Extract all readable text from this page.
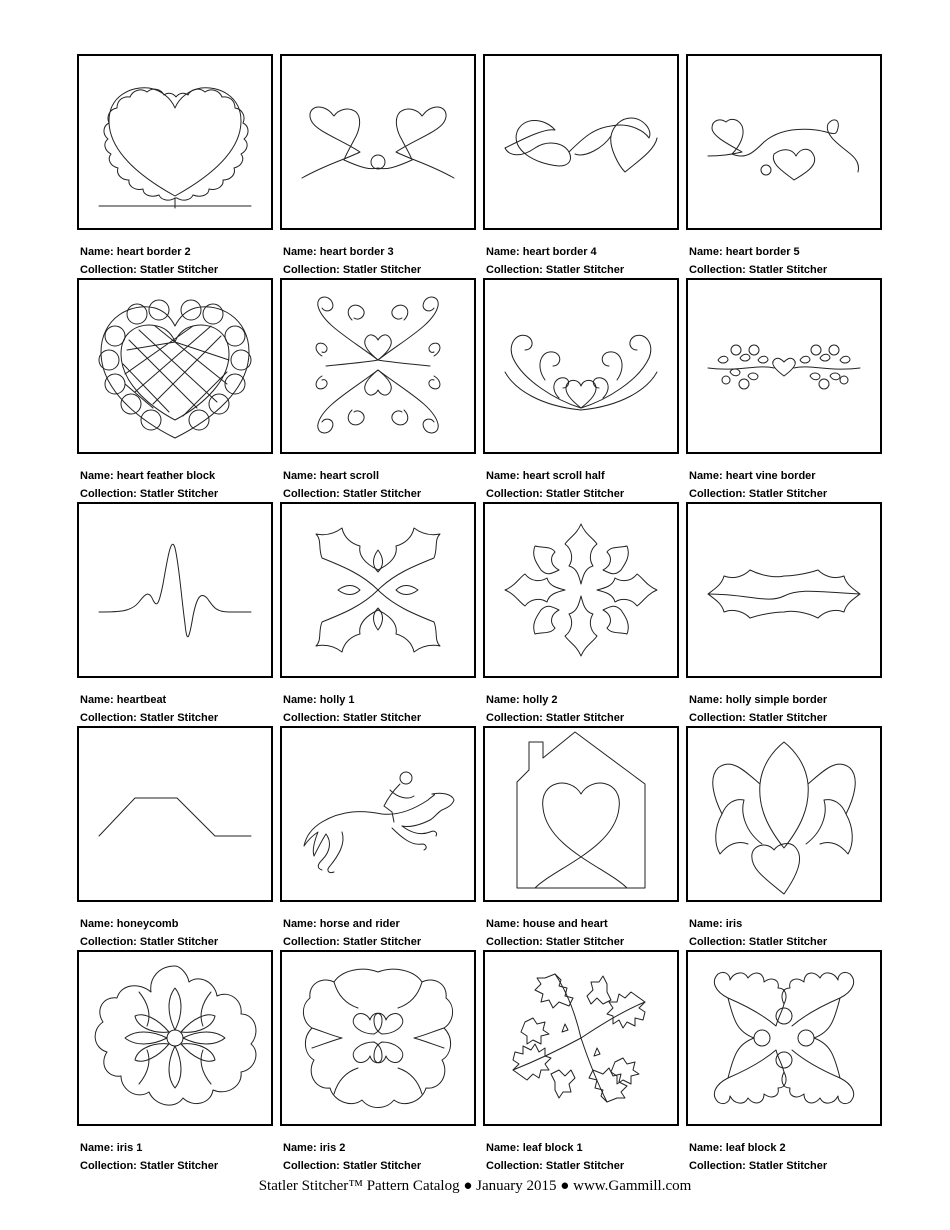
Name: heart border 2
Collection: Statler Stitcher
Name: heart border 3
Collection: Statler Stitcher
Name: heart border 4
Collection: Statler Stitcher
Name: heart border 5
Collection: Statler Stitcher
Name: heart feather block
Collection: Statler Stitcher
Name: heart scroll
Collection: Statler Stitcher
Name: heart scroll half
Collection: Statler Stitcher
Name: heart vine border
Collection: Statler Stitcher
Name: heartbeat
Collection: Statler Stitcher
Name: holly 1
Collection: Statler Stitcher
Name: holly 2
Collection: Statler Stitcher
Name: holly simple border
Collection: Statler Stitcher
Name: honeycomb
Collection: Statler Stitcher
Name: horse and rider
Collection: Statler Stitcher
Name: house and heart
Collection: Statler Stitcher
Name: iris
Collection: Statler Stitcher
Name: iris 1
Collection: Statler Stitcher
Name: iris 2
Collection: Statler Stitcher
Name: leaf block 1
Collection: Statler Stitcher
Name: leaf block 2
Collection: Statler Stitcher
Statler Stitcher™ Pattern Catalog ● January 2015 ● www.Gammill.com
